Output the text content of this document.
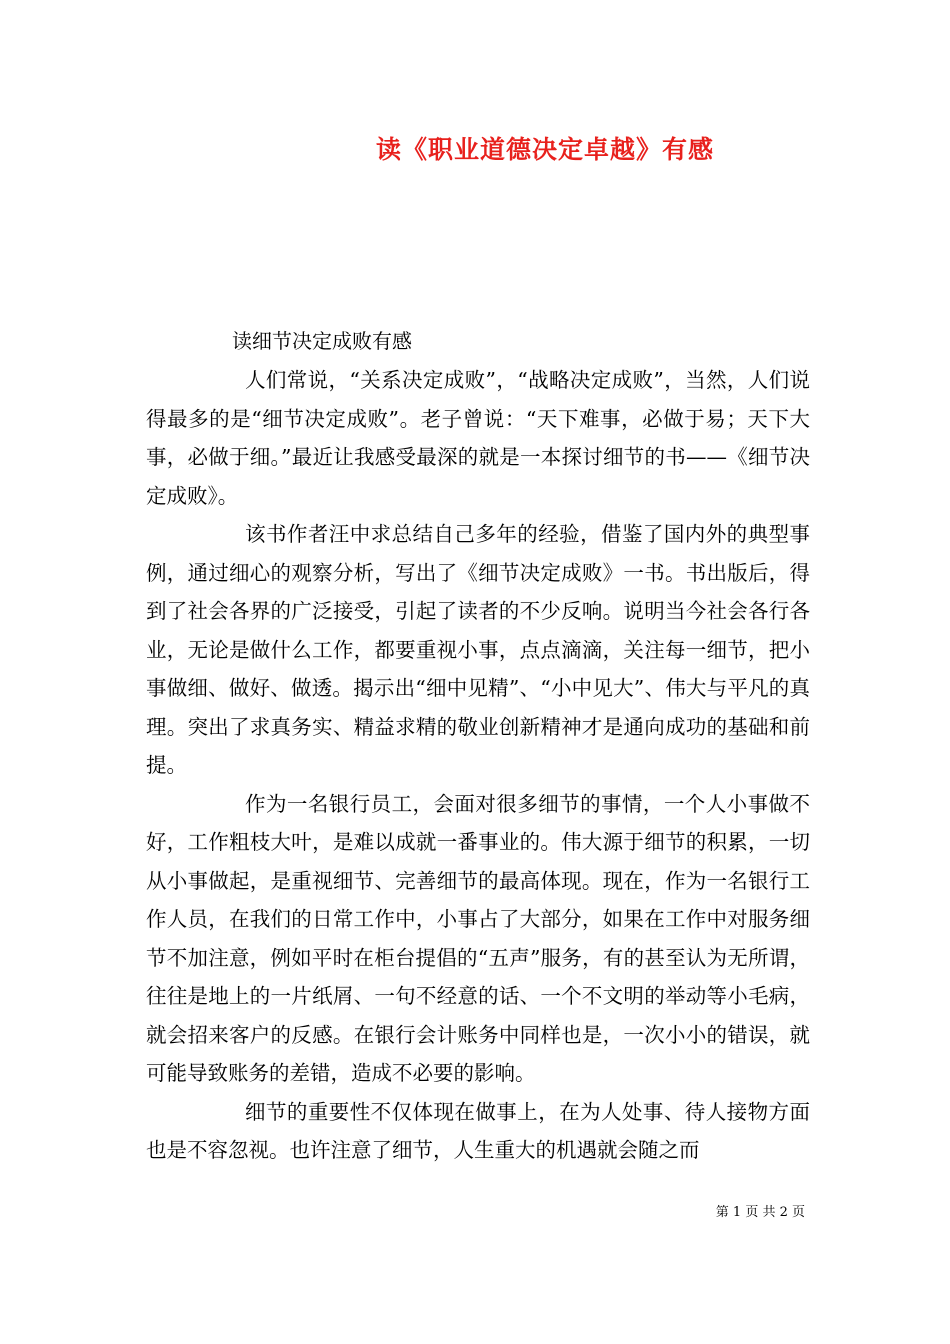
读《职业道德决定卓越》有感
读细节决定成败有感

人们常说，“关系决定成败”，“战略决定成败”，当然，人们说得最多的是“细节决定成败”。老子曾说：“天下难事，必做于易；天下大事，必做于细。”最近让我感受最深的就是一本探讨细节的书——《细节决定成败》。

该书作者汪中求总结自己多年的经验，借鉴了国内外的典型事例，通过细心的观察分析，写出了《细节决定成败》一书。书出版后，得到了社会各界的广泛接受，引起了读者的不少反响。说明当今社会各行各业，无论是做什么工作，都要重视小事，点点滴滴，关注每一细节，把小事做细、做好、做透。揭示出“细中见精”、“小中见大”、伟大与平凡的真理。突出了求真务实、精益求精的敬业创新精神才是通向成功的基础和前提。

作为一名银行员工，会面对很多细节的事情，一个人小事做不好，工作粗枝大叶，是难以成就一番事业的。伟大源于细节的积累，一切从小事做起，是重视细节、完善细节的最高体现。现在，作为一名银行工作人员，在我们的日常工作中，小事占了大部分，如果在工作中对服务细节不加注意，例如平时在柜台提倡的“五声”服务，有的甚至认为无所谓，往往是地上的一片纸屑、一句不经意的话、一个不文明的举动等小毛病，就会招来客户的反感。在银行会计账务中同样也是，一次小小的错误，就可能导致账务的差错，造成不必要的影响。

细节的重要性不仅体现在做事上，在为人处事、待人接物方面也是不容忽视。也许注意了细节，人生重大的机遇就会随之而

第 1 页 共 2 页
